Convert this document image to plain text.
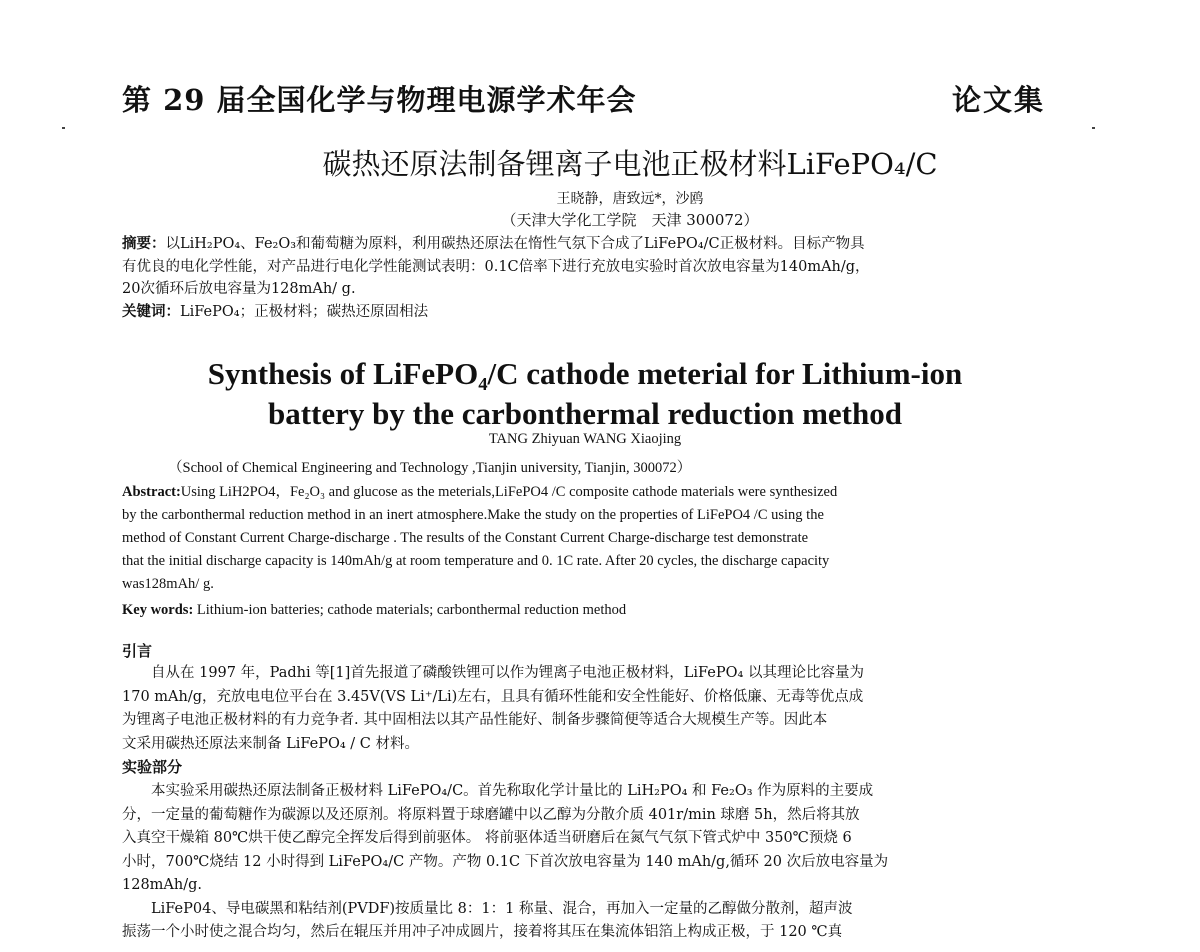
第 29 届全国化学与物理电源学术年会	论文集
碳热还原法制备锂离子电池正极材料LiFePO₄/C
王晓静，唐致远*，沙鸥
（天津大学化工学院　天津 300072）
摘要：以LiH₂PO₄、Fe₂O₃和葡萄糖为原料，利用碳热还原法在惰性气氛下合成了LiFePO₄/C正极材料。目标产物具
有优良的电化学性能，对产品进行电化学性能测试表明：0.1C倍率下进行充放电实验时首次放电容量为140mAh/g，
20次循环后放电容量为128mAh/ g.
关键词：LiFePO₄；正极材料；碳热还原固相法
Synthesis of LiFePO₄/C cathode meterial for Lithium-ion
battery by the carbonthermal reduction method
TANG Zhiyuan WANG Xiaojing
（School of Chemical Engineering and Technology ,Tianjin university, Tianjin, 300072）
Abstract:Using LiH2PO4，Fe₂O₃ and glucose as the meterials,LiFePO4 /C composite cathode materials were synthesized
by the carbonthermal reduction method in an inert atmosphere.Make the study on the properties of LiFePO4 /C using the
method of Constant Current Charge-discharge . The results of the Constant Current Charge-discharge test demonstrate
that the initial discharge capacity is 140mAh/g at room temperature and 0. 1C rate. After 20 cycles, the discharge capacity
was128mAh/ g.
Key words: Lithium-ion batteries; cathode materials; carbonthermal reduction method
引言
　　自从在 1997 年，Padhi 等[1]首先报道了磷酸铁锂可以作为锂离子电池正极材料，LiFePO₄ 以其理论比容量为
170 mAh/g，充放电电位平台在 3.45V(VS Li⁺/Li)左右，且具有循环性能和安全性能好、价格低廉、无毒等优点成
为锂离子电池正极材料的有力竞争者. 其中固相法以其产品性能好、制备步骤简便等适合大规模生产等。因此本
文采用碳热还原法来制备 LiFePO₄ / C 材料。
实验部分
　　本实验采用碳热还原法制备正极材料 LiFePO₄/C。首先称取化学计量比的 LiH₂PO₄ 和 Fe₂O₃ 作为原料的主要成
分，一定量的葡萄糖作为碳源以及还原剂。将原料置于球磨罐中以乙醇为分散介质 401r/min 球磨 5h，然后将其放
入真空干燥箱 80℃烘干使乙醇完全挥发后得到前驱体。 将前驱体适当研磨后在氮气气氛下管式炉中 350℃预烧 6
小时，700℃烧结 12 小时得到 LiFePO₄/C 产物。产物 0.1C 下首次放电容量为 140 mAh/g,循环 20 次后放电容量为
128mAh/g.
　　LiFeP04、导电碳黑和粘结剂(PVDF)按质量比 8：1：1 称量、混合，再加入一定量的乙醇做分散剂，超声波
振荡一个小时使之混合均匀，然后在辊压并用冲子冲成圆片，接着将其压在集流体铝箔上构成正极，于 120 ℃真
